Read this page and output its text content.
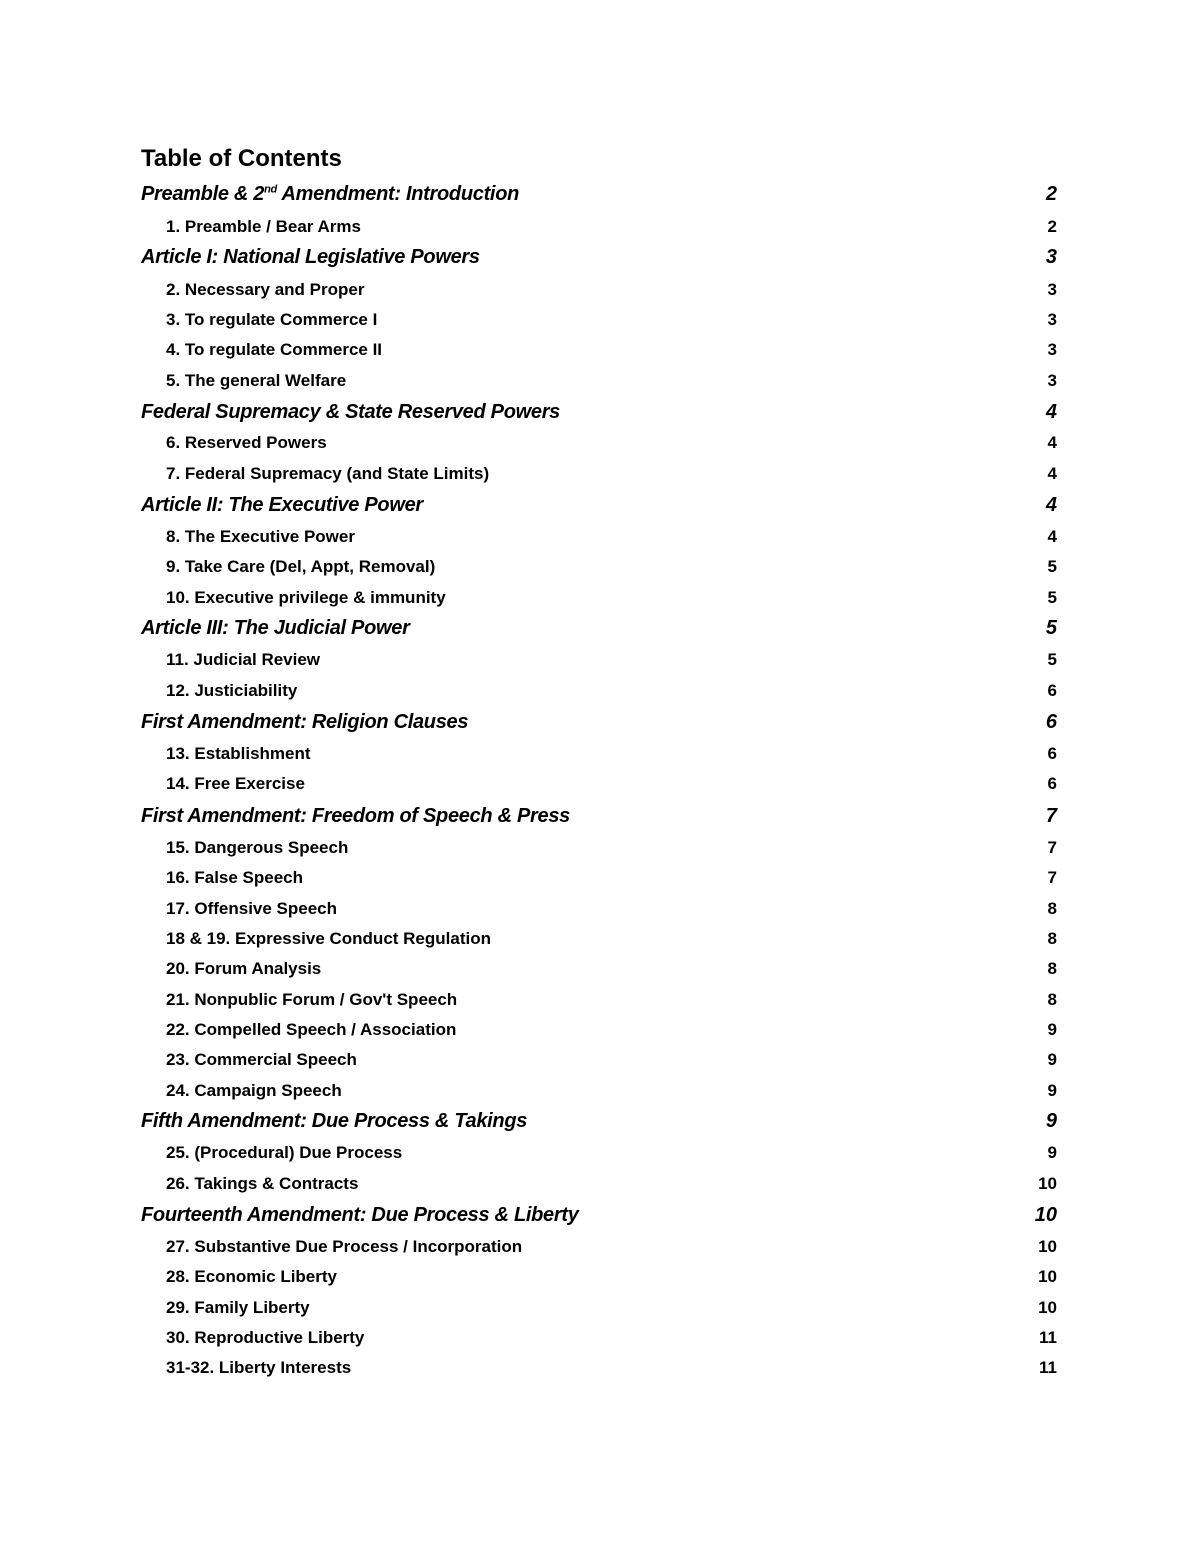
Table of Contents
Preamble & 2nd Amendment: Introduction	2
1. Preamble / Bear Arms	2
Article I: National Legislative Powers	3
2. Necessary and Proper	3
3. To regulate Commerce I	3
4. To regulate Commerce II	3
5. The general Welfare	3
Federal Supremacy & State Reserved Powers	4
6. Reserved Powers	4
7. Federal Supremacy (and State Limits)	4
Article II: The Executive Power	4
8. The Executive Power	4
9. Take Care (Del, Appt, Removal)	5
10. Executive privilege & immunity	5
Article III: The Judicial Power	5
11. Judicial Review	5
12. Justiciability	6
First Amendment: Religion Clauses	6
13. Establishment	6
14. Free Exercise	6
First Amendment: Freedom of Speech & Press	7
15. Dangerous Speech	7
16. False Speech	7
17. Offensive Speech	8
18 & 19. Expressive Conduct Regulation	8
20. Forum Analysis	8
21. Nonpublic Forum / Gov't Speech	8
22. Compelled Speech / Association	9
23. Commercial Speech	9
24. Campaign Speech	9
Fifth Amendment: Due Process & Takings	9
25. (Procedural) Due Process	9
26. Takings & Contracts	10
Fourteenth Amendment: Due Process & Liberty	10
27. Substantive Due Process / Incorporation	10
28. Economic Liberty	10
29. Family Liberty	10
30. Reproductive Liberty	11
31-32. Liberty Interests	11
